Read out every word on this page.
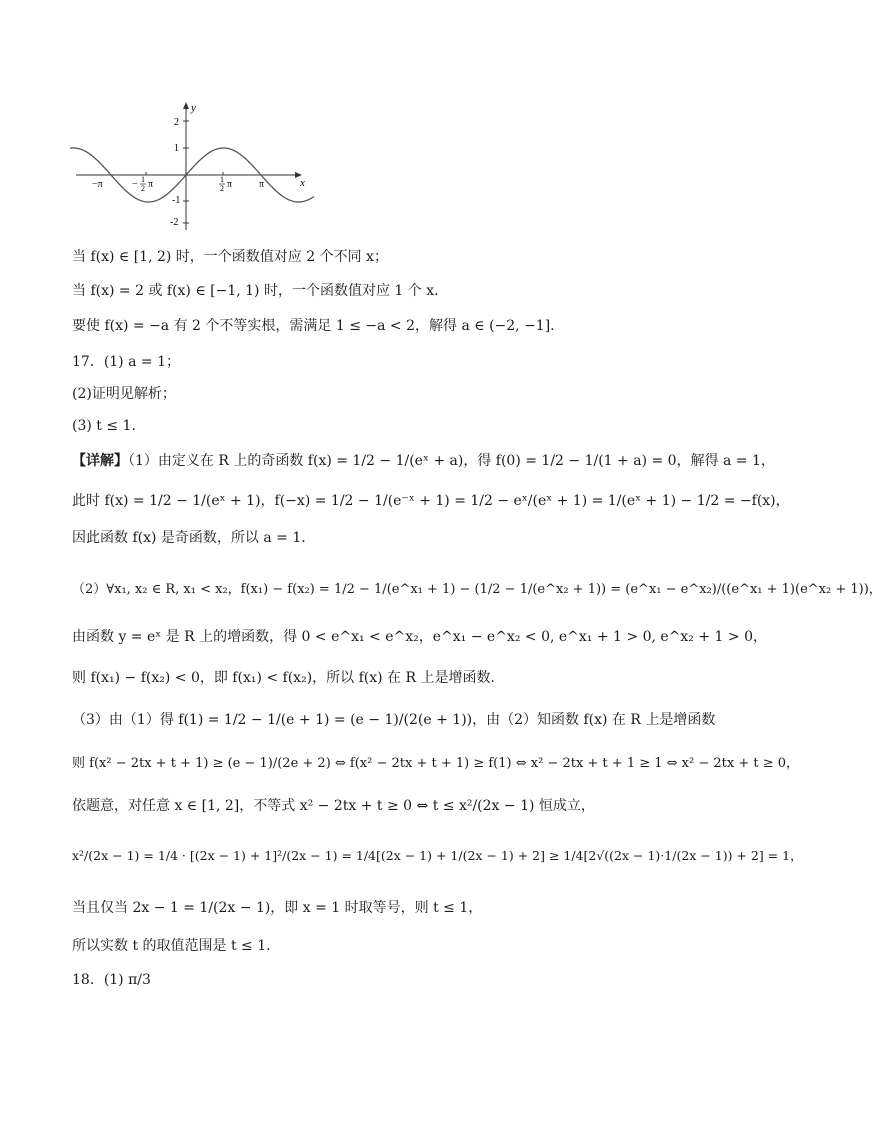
y
x
2
1
-1
-2
−π	− 1
2 π	1
2 π	π
当 f(x) ∈ [1, 2) 时，一个函数值对应 2 个不同 x；
当 f(x) = 2 或 f(x) ∈ [−1, 1) 时，一个函数值对应 1 个 x.
要使 f(x) = −a 有 2 个不等实根，需满足 1 ≤ −a < 2，解得 a ∈ (−2, −1].
17．(1) a = 1；
(2)证明见解析；
(3) t ≤ 1.
【详解】（1）由定义在 R 上的奇函数 f(x) = 1/2 − 1/(eˣ + a)，得 f(0) = 1/2 − 1/(1 + a) = 0，解得 a = 1，
此时 f(x) = 1/2 − 1/(eˣ + 1)，f(−x) = 1/2 − 1/(e⁻ˣ + 1) = 1/2 − eˣ/(eˣ + 1) = 1/(eˣ + 1) − 1/2 = −f(x)，
因此函数 f(x) 是奇函数，所以 a = 1.
（2）∀x₁, x₂ ∈ R, x₁ < x₂，f(x₁) − f(x₂) = 1/2 − 1/(e^x₁ + 1) − (1/2 − 1/(e^x₂ + 1)) = (e^x₁ − e^x₂)/((e^x₁ + 1)(e^x₂ + 1))，
由函数 y = eˣ 是 R 上的增函数，得 0 < e^x₁ < e^x₂，e^x₁ − e^x₂ < 0, e^x₁ + 1 > 0, e^x₂ + 1 > 0，
则 f(x₁) − f(x₂) < 0，即 f(x₁) < f(x₂)，所以 f(x) 在 R 上是增函数.
（3）由（1）得 f(1) = 1/2 − 1/(e + 1) = (e − 1)/(2(e + 1))，由（2）知函数 f(x) 在 R 上是增函数
则 f(x² − 2tx + t + 1) ≥ (e − 1)/(2e + 2) ⇔ f(x² − 2tx + t + 1) ≥ f(1) ⇔ x² − 2tx + t + 1 ≥ 1 ⇔ x² − 2tx + t ≥ 0，
依题意，对任意 x ∈ [1, 2]，不等式 x² − 2tx + t ≥ 0 ⇔ t ≤ x²/(2x − 1) 恒成立，
x²/(2x − 1) = 1/4 · [(2x − 1) + 1]²/(2x − 1) = 1/4[(2x − 1) + 1/(2x − 1) + 2] ≥ 1/4[2√((2x − 1)·1/(2x − 1)) + 2] = 1，
当且仅当 2x − 1 = 1/(2x − 1)，即 x = 1 时取等号，则 t ≤ 1，
所以实数 t 的取值范围是 t ≤ 1.
18．(1) π/3
